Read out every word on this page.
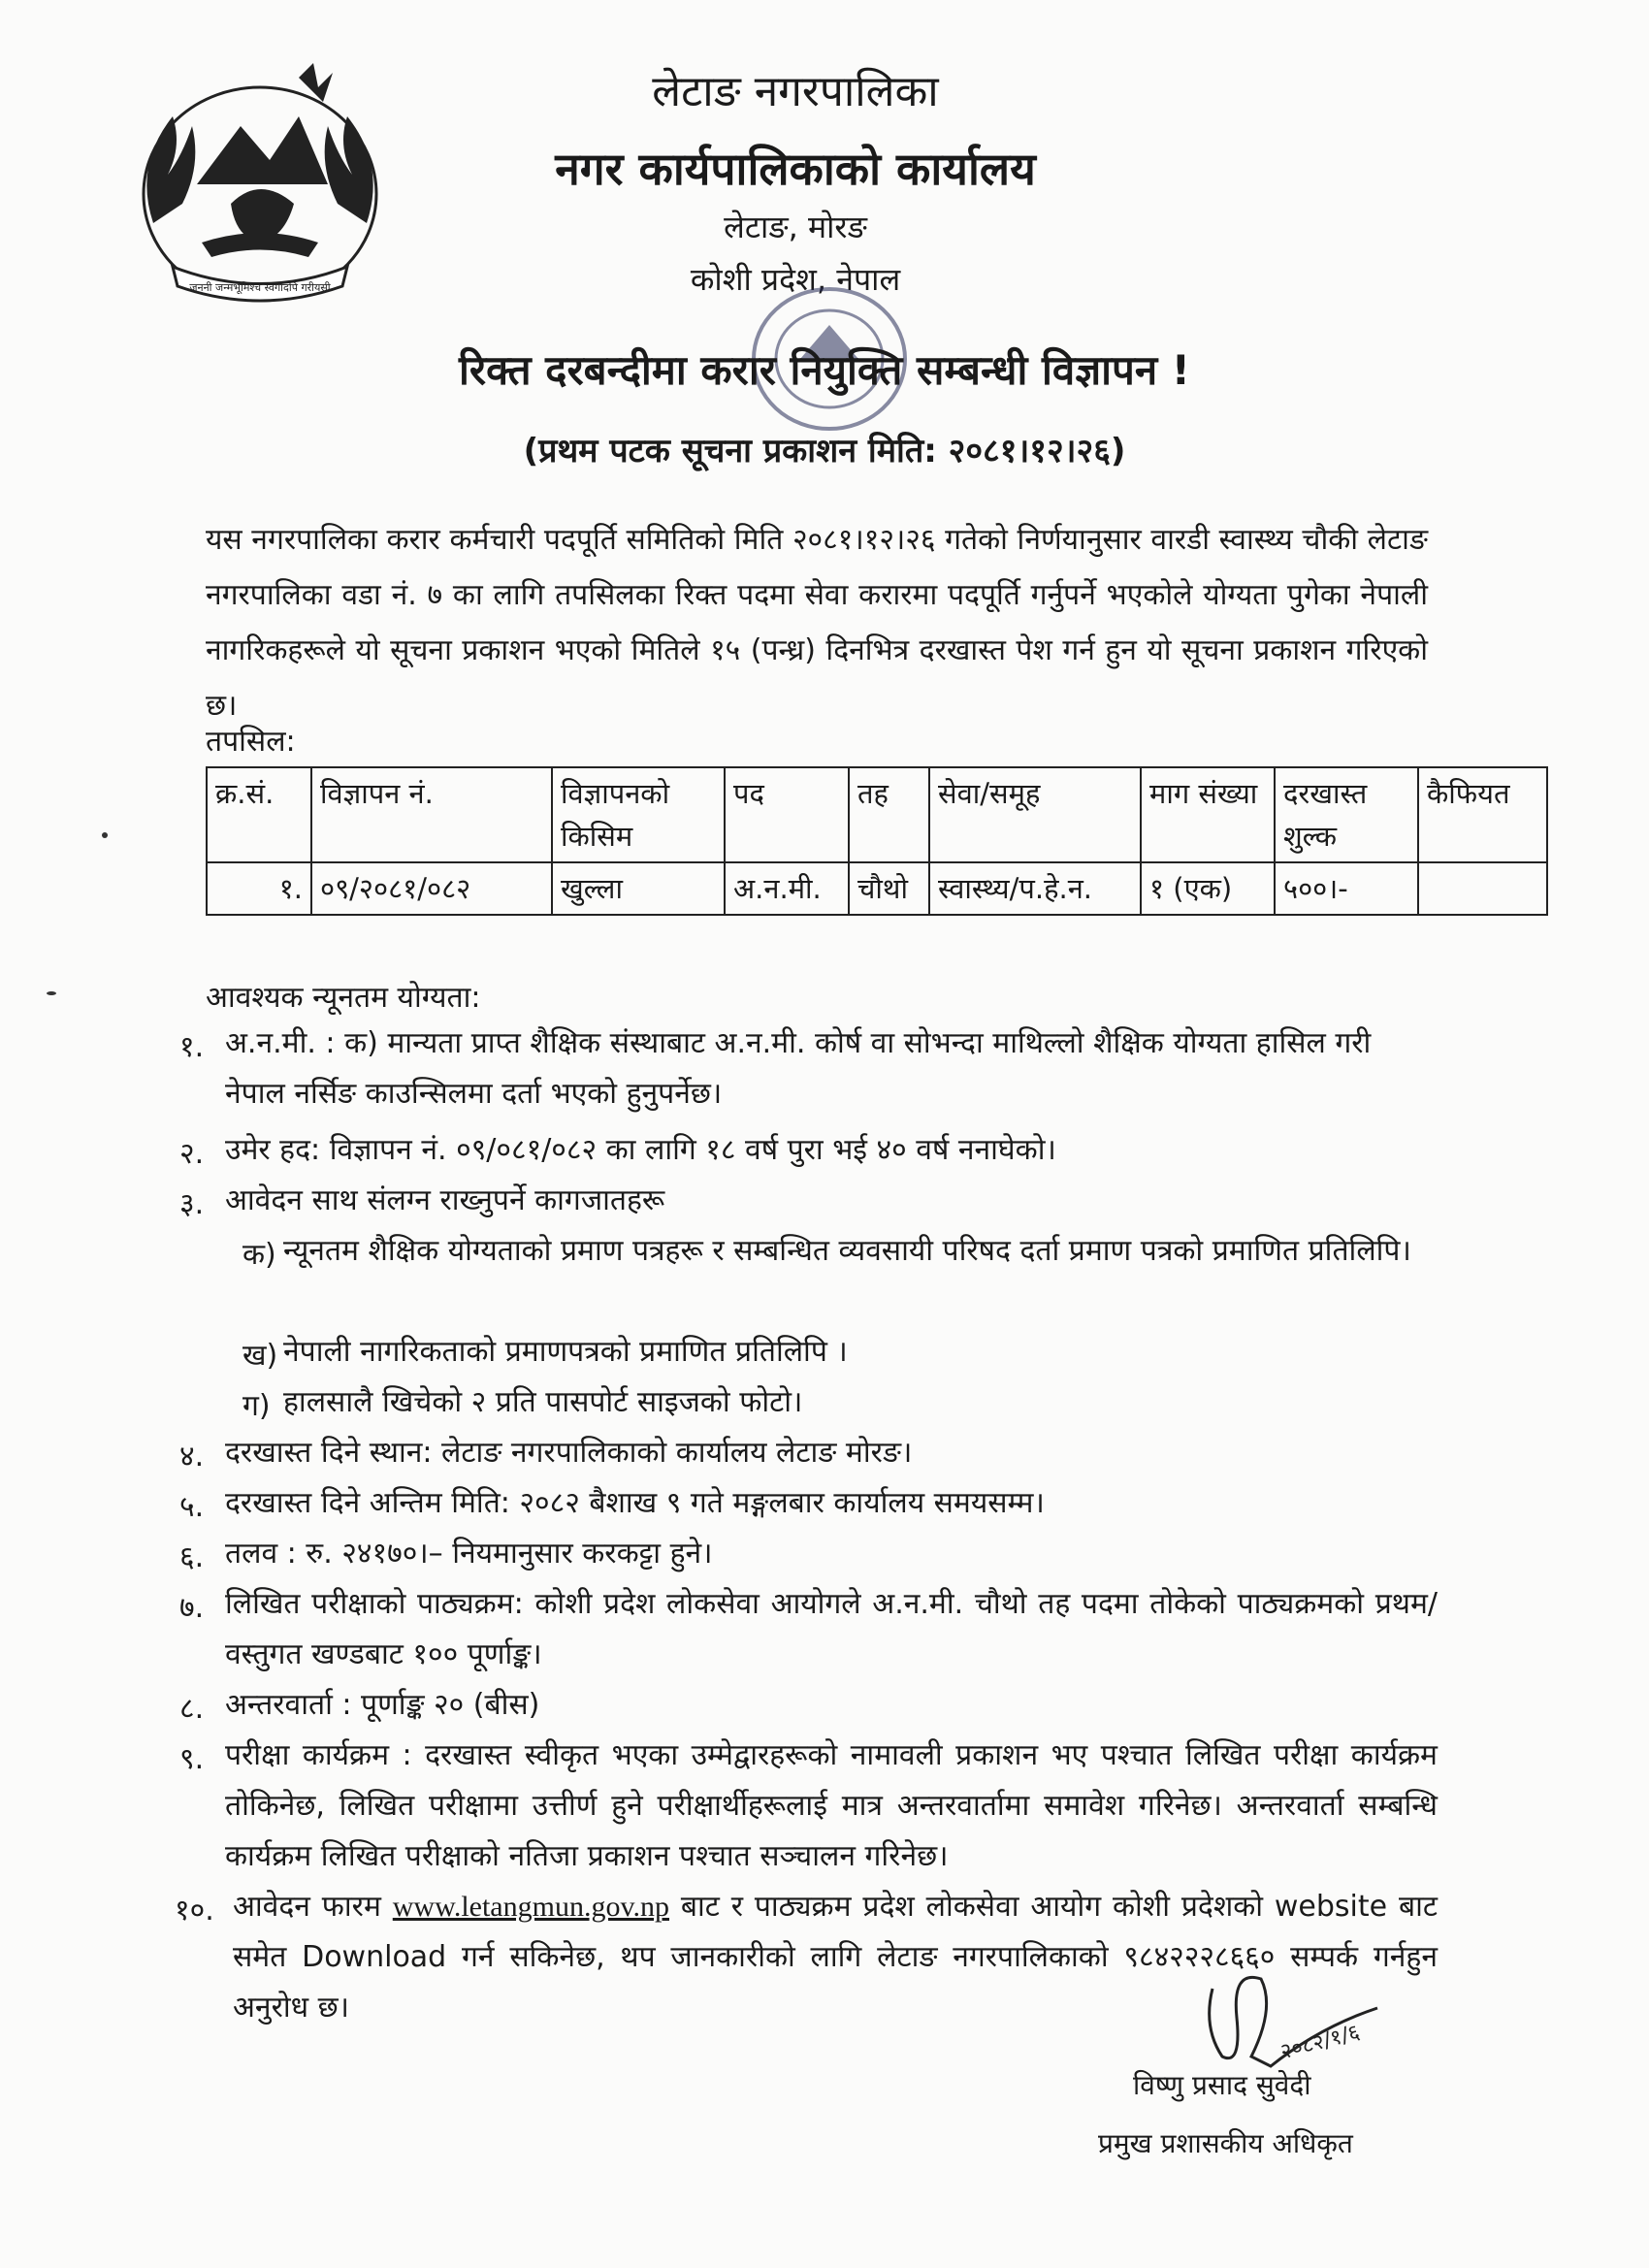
जननी जन्मभूमिश्च स्वर्गादपि गरीयसी
लेटाङ नगरपालिका
नगर कार्यपालिकाको कार्यालय
लेटाङ, मोरङ
कोशी प्रदेश, नेपाल
रिक्त दरबन्दीमा करार नियुक्ति सम्बन्धी विज्ञापन !
(प्रथम पटक सूचना प्रकाशन मिति: २०८१।१२।२६)
यस नगरपालिका करार कर्मचारी पदपूर्ति समितिको मिति २०८१।१२।२६ गतेको निर्णयानुसार वारडी स्वास्थ्य चौकी लेटाङ नगरपालिका वडा नं. ७ का लागि तपसिलका रिक्त पदमा सेवा करारमा पदपूर्ति गर्नुपर्ने भएकोले योग्यता पुगेका नेपाली नागरिकहरूले यो सूचना प्रकाशन भएको मितिले १५ (पन्ध्र) दिनभित्र दरखास्त पेश गर्न हुन यो सूचना प्रकाशन गरिएको छ।
तपसिल:
क्र.सं.	विज्ञापन नं.	विज्ञापनको किसिम	पद	तह	सेवा/समूह	माग संख्या	दरखास्त शुल्क	कैफियत
१.	०९/२०८१/०८२	खुल्ला	अ.न.मी.	चौथो	स्वास्थ्य/प.हे.न.	१ (एक)	५००।-	
आवश्यक न्यूनतम योग्यता:
१. अ.न.मी. : क) मान्यता प्राप्त शैक्षिक संस्थाबाट अ.न.मी. कोर्ष वा सोभन्दा माथिल्लो शैक्षिक योग्यता हासिल गरी नेपाल नर्सिङ काउन्सिलमा दर्ता भएको हुनुपर्नेछ।
२. उमेर हद: विज्ञापन नं. ०९/०८१/०८२ का लागि १८ वर्ष पुरा भई ४० वर्ष ननाघेको।
३. आवेदन साथ संलग्न राख्नुपर्ने कागजातहरू
क) न्यूनतम शैक्षिक योग्यताको प्रमाण पत्रहरू र सम्बन्धित व्यवसायी परिषद दर्ता प्रमाण पत्रको प्रमाणित प्रतिलिपि।
ख) नेपाली नागरिकताको प्रमाणपत्रको प्रमाणित प्रतिलिपि ।
ग) हालसालै खिचेको २ प्रति पासपोर्ट साइजको फोटो।
४. दरखास्त दिने स्थान: लेटाङ नगरपालिकाको कार्यालय लेटाङ मोरङ।
५. दरखास्त दिने अन्तिम मिति: २०८२ बैशाख ९ गते मङ्गलबार कार्यालय समयसम्म।
६. तलव : रु. २४१७०।– नियमानुसार करकट्टा हुने।
७. लिखित परीक्षाको पाठ्यक्रम: कोशी प्रदेश लोकसेवा आयोगले अ.न.मी. चौथो तह पदमा तोकेको पाठ्यक्रमको प्रथम/वस्तुगत खण्डबाट १०० पूर्णाङ्क।
८. अन्तरवार्ता : पूर्णाङ्क २० (बीस)
९. परीक्षा कार्यक्रम : दरखास्त स्वीकृत भएका उम्मेद्वारहरूको नामावली प्रकाशन भए पश्चात लिखित परीक्षा कार्यक्रम तोकिनेछ, लिखित परीक्षामा उत्तीर्ण हुने परीक्षार्थीहरूलाई मात्र अन्तरवार्तामा समावेश गरिनेछ। अन्तरवार्ता सम्बन्धि कार्यक्रम लिखित परीक्षाको नतिजा प्रकाशन पश्चात सञ्चालन गरिनेछ।
१०. आवेदन फारम www.letangmun.gov.np बाट र पाठ्यक्रम प्रदेश लोकसेवा आयोग कोशी प्रदेशको website बाट समेत Download गर्न सकिनेछ, थप जानकारीको लागि लेटाङ नगरपालिकाको ९८४२२२८६६० सम्पर्क गर्नहुन अनुरोध छ।
२०८२/१/६
विष्णु प्रसाद सुवेदी
प्रमुख प्रशासकीय अधिकृत
